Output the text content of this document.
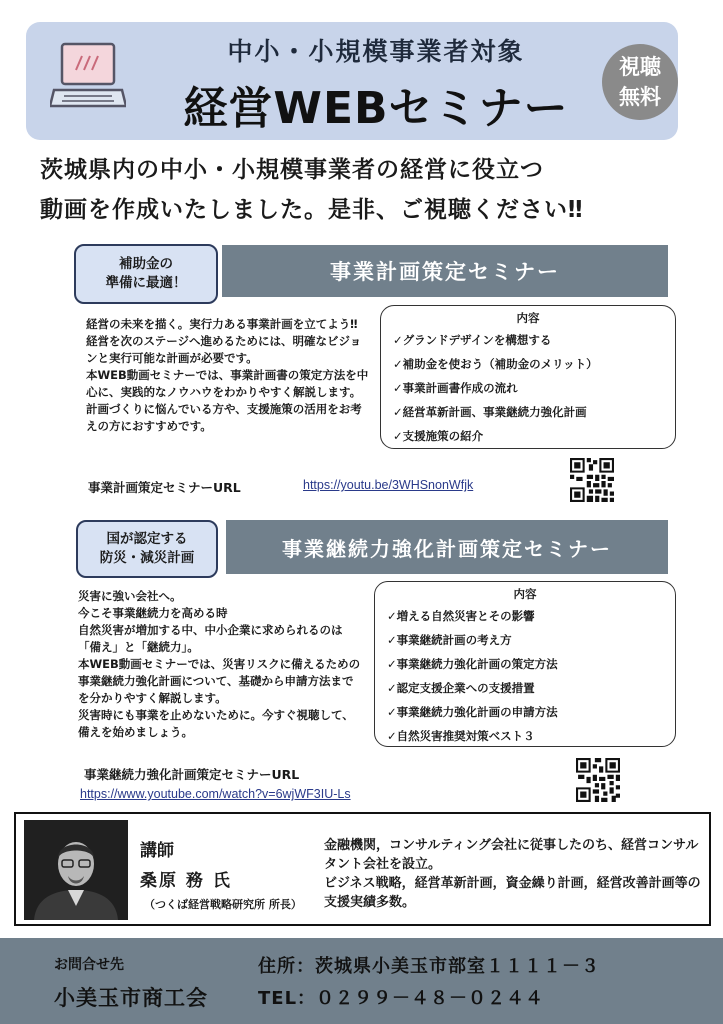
中小・小規模事業者対象
経営WEBセミナー
視聴
無料
茨城県内の中小・小規模事業者の経営に役立つ
動画を作成いたしました。是非、ご視聴ください‼
補助金の
準備に最適！	事業計画策定セミナー
経営の未来を描く。実行力ある事業計画を立てよう‼
経営を次のステージへ進めるためには、明確なビジョンと実行可能な計画が必要です。
本WEB動画セミナーでは、事業計画書の策定方法を中心に、実践的なノウハウをわかりやすく解説します。
計画づくりに悩んでいる方や、支援施策の活用をお考えの方におすすめです。
内容
✓グランドデザインを構想する
✓補助金を使おう（補助金のメリット）
✓事業計画書作成の流れ
✓経営革新計画、事業継続力強化計画
✓支援施策の紹介
事業計画策定セミナーURL	https://youtu.be/3WHSnonWfjk
国が認定する
防災・減災計画	事業継続力強化計画策定セミナー
災害に強い会社へ。
今こそ事業継続力を高める時
自然災害が増加する中、中小企業に求められるのは「備え」と「継続力」。
本WEB動画セミナーでは、災害リスクに備えるための事業継続力強化計画について、基礎から申請方法までを分かりやすく解説します。
災害時にも事業を止めないために。今すぐ視聴して、備えを始めましょう。
内容
✓増える自然災害とその影響
✓事業継続計画の考え方
✓事業継続力強化計画の策定方法
✓認定支援企業への支援措置
✓事業継続力強化計画の申請方法
✓自然災害推奨対策ベスト３
事業継続力強化計画策定セミナーURL
https://www.youtube.com/watch?v=6wjWF3IU-Ls
講師
桑原 務 氏
（つくば経営戦略研究所 所長）
金融機関，コンサルティング会社に従事したのち、経営コンサルタント会社を設立。
ビジネス戦略，経営革新計画，資金繰り計画，経営改善計画等の支援実績多数。
お問合せ先
小美玉市商工会
住所：茨城県小美玉市部室１１１１－３
TEL：０２９９－４８－０２４４
